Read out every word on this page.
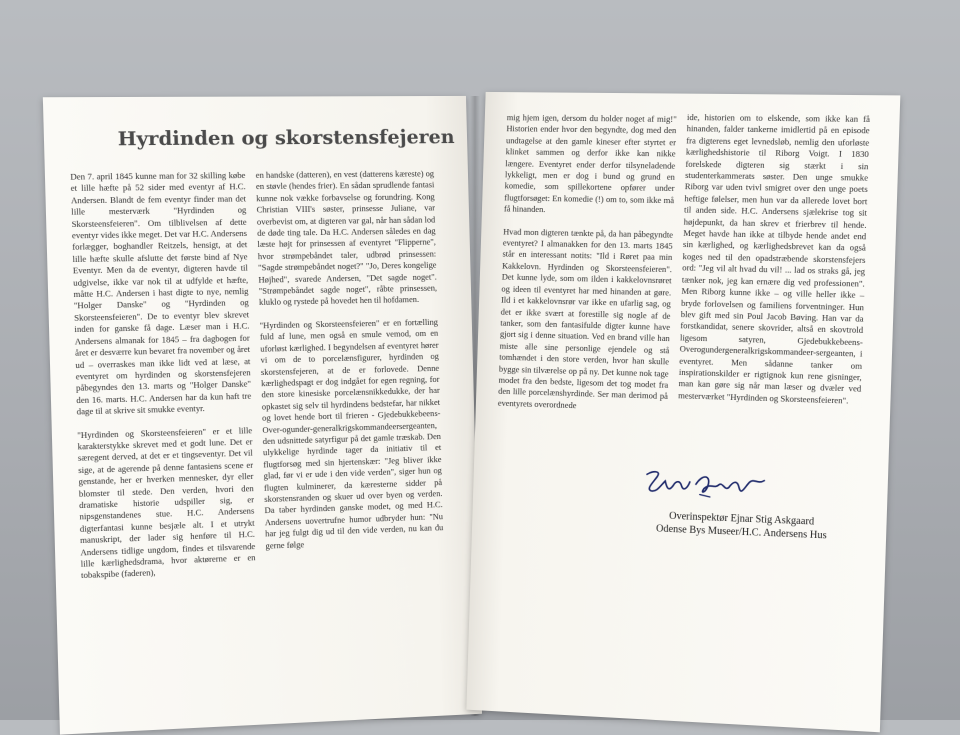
Hyrdinden og skorstensfejeren

Den 7. april 1845 kunne man for 32 skilling købe et lille hæfte på 52 sider med eventyr af H.C. Andersen. Blandt de fem eventyr finder man det lille mesterværk "Hyrdinden og Skorsteensfeieren". Om tilblivelsen af dette eventyr vides ikke meget. Det var H.C. Andersens forlægger, boghandler Reitzels, hensigt, at det lille hæfte skulle afslutte det første bind af Nye Eventyr. Men da de eventyr, digteren havde til udgivelse, ikke var nok til at udfylde et hæfte, måtte H.C. Andersen i hast digte to nye, nemlig "Holger Danske" og "Hyrdinden og Skorsteensfeieren". De to eventyr blev skrevet inden for ganske få dage. Læser man i H.C. Andersens almanak for 1845 – fra dagbogen for året er desværre kun bevaret fra november og året ud – overraskes man ikke lidt ved at læse, at eventyret om hyrdinden og skorstensfejeren påbegyndes den 13. marts og "Holger Danske" den 16. marts. H.C. Andersen har da kun haft tre dage til at skrive sit smukke eventyr.

"Hyrdinden og Skorsteensfeieren" er et lille karakterstykke skrevet med et godt lune. Det er særegent derved, at det er et tingseventyr. Det vil sige, at de agerende på denne fantasiens scene er genstande, her er hverken mennesker, dyr eller blomster til stede. Den verden, hvori den dramatiske historie udspiller sig, er nipsgenstandenes stue. H.C. Andersens digterfantasi kunne besjæle alt. I et utrykt manuskript, der lader sig henføre til H.C. Andersens tidlige ungdom, findes et tilsvarende lille kærlighedsdrama, hvor aktørerne er en tobakspibe (faderen),

en handske (datteren), en vest (datterens kæreste) og en støvle (hendes frier). En sådan sprudlende fantasi kunne nok vække forbavselse og forundring. Kong Christian VIII's søster, prinsesse Juliane, var overbevist om, at digteren var gal, når han sådan lod de døde ting tale. Da H.C. Andersen således en dag læste højt for prinsessen af eventyret "Flipperne", hvor strømpebåndet taler, udbrød prinsessen: "Sagde strømpebåndet noget?" "Jo, Deres kongelige Højhed", svarede Andersen, "Det sagde noget". "Strømpebåndet sagde noget", råbte prinsessen, kluklo og rystede på hovedet hen til hofdamen.

"Hyrdinden og Skorsteensfeieren" er en fortælling fuld af lune, men også en smule vemod, om en uforløst kærlighed. I begyndelsen af eventyret hører vi om de to porcelænsfigurer, hyrdinden og skorstensfejeren, at de er forlovede. Denne kærlighedspagt er dog indgået for egen regning, for den store kinesiske porcelænsnikkedukke, der har opkastet sig selv til hyrdindens bedstefar, har nikket og lovet hende bort til frieren - Gjedebukkebeens-Over-ogunder-generalkrigskommandeersergeanten, den udsnittede satyrfigur på det gamle træskab. Den ulykkelige hyrdinde tager da initiativ til et flugtforsøg med sin hjertenskær: "Jeg bliver ikke glad, før vi er ude i den vide verden", siger hun og flugten kulminerer, da kæresterne sidder på skorstensranden og skuer ud over byen og verden. Da taber hyrdinden ganske modet, og med H.C. Andersens uovertrufne humor udbryder hun: "Nu har jeg fulgt dig ud til den vide verden, nu kan du gerne følge

mig hjem igen, dersom du holder noget af mig!" Historien ender hvor den begyndte, dog med den undtagelse at den gamle kineser efter styrtet er klinket sammen og derfor ikke kan nikke længere. Eventyret ender derfor tilsyneladende lykkeligt, men er dog i bund og grund en komedie, som spillekortene opfører under flugtforsøget: En komedie (!) om to, som ikke må få hinanden.

Hvad mon digteren tænkte på, da han påbegyndte eventyret? I almanakken for den 13. marts 1845 står en interessant notits: "Ild i Røret paa min Kakkelovn. Hyrdinden og Skorsteensfeieren". Det kunne lyde, som om ilden i kakkelovnsrøret og ideen til eventyret har med hinanden at gøre. Ild i et kakkelovnsrør var ikke en ufarlig sag, og det er ikke svært at forestille sig nogle af de tanker, som den fantasifulde digter kunne have gjort sig i denne situation. Ved en brand ville han miste alle sine personlige ejendele og stå tomhændet i den store verden, hvor han skulle bygge sin tilværelse op på ny. Det kunne nok tage modet fra den bedste, ligesom det tog modet fra den lille porcelænshyrdinde. Ser man derimod på eventyrets overordnede

ide, historien om to elskende, som ikke kan få hinanden, falder tankerne imidlertid på en episode fra digterens eget levnedsløb, nemlig den uforløste kærlighedshistorie til Riborg Voigt. I 1830 forelskede digteren sig stærkt i sin studenterkammerats søster. Den unge smukke Riborg var uden tvivl smigret over den unge poets heftige følelser, men hun var da allerede lovet bort til anden side. H.C. Andersens sjælekrise tog sit højdepunkt, da han skrev et frierbrev til hende. Meget havde han ikke at tilbyde hende andet end sin kærlighed, og kærlighedsbrevet kan da også koges ned til den opadstræbende skorstensfejers ord: "Jeg vil alt hvad du vil! ... lad os straks gå, jeg tænker nok, jeg kan ernære dig ved professionen". Men Riborg kunne ikke – og ville heller ikke – bryde forlovelsen og familiens forventninger. Hun blev gift med sin Poul Jacob Bøving. Han var da forstkandidat, senere skovrider, altså en skovtrold ligesom satyren, Gjedebukkebeens-Overogundergeneralkrigskommandeer-sergeanten, i eventyret. Men sådanne tanker om inspirationskilder er rigtignok kun rene gisninger, man kan gøre sig når man læser og dvæler ved mesterværket "Hyrdinden og Skorsteensfeieren".

Overinspektør Ejnar Stig Askgaard
Odense Bys Museer/H.C. Andersens Hus
